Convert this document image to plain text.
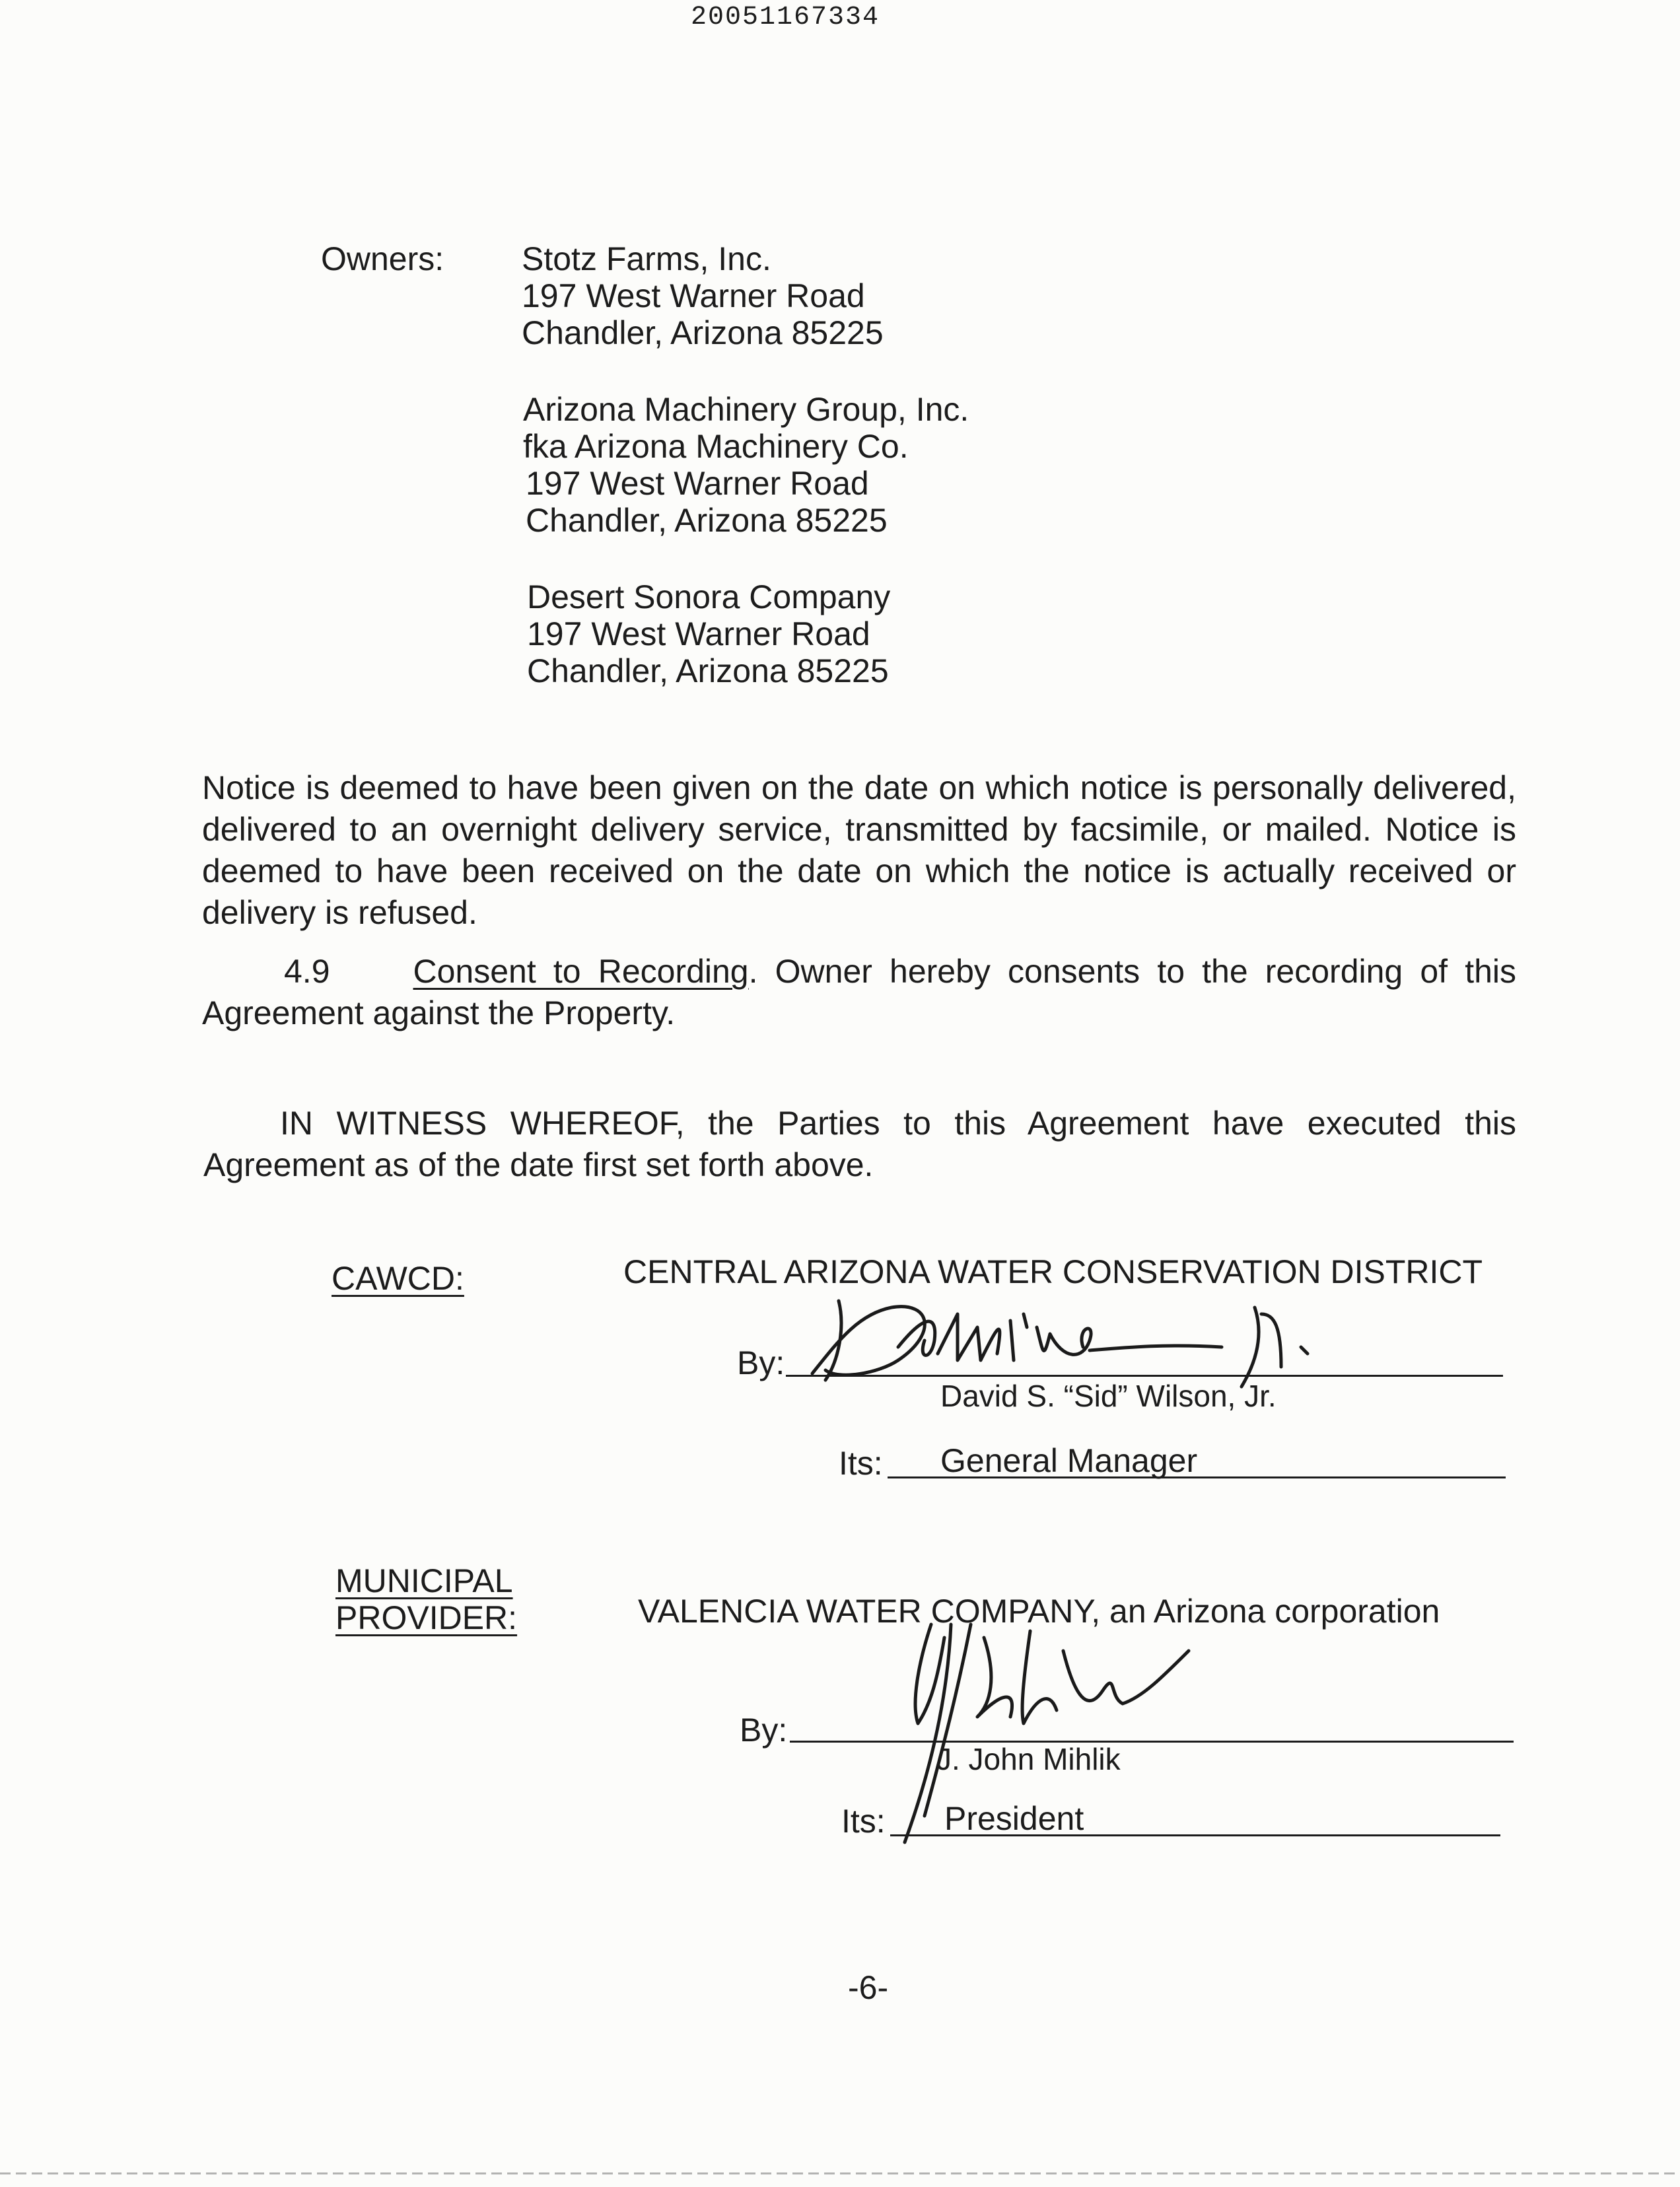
20051167334
Owners: Stotz Farms, Inc.
197 West Warner Road
Chandler, Arizona 85225
Arizona Machinery Group, Inc.
fka Arizona Machinery Co.
197 West Warner Road
Chandler, Arizona 85225
Desert Sonora Company
197 West Warner Road
Chandler, Arizona 85225
Notice is deemed to have been given on the date on which notice is personally delivered, delivered to an overnight delivery service, transmitted by facsimile, or mailed. Notice is deemed to have been received on the date on which the notice is actually received or delivery is refused.
4.9	Consent to Recording. Owner hereby consents to the recording of this Agreement against the Property.
IN WITNESS WHEREOF, the Parties to this Agreement have executed this Agreement as of the date first set forth above.
CAWCD:	CENTRAL ARIZONA WATER CONSERVATION DISTRICT
By:
David S. “Sid” Wilson, Jr.
Its: General Manager
MUNICIPAL
PROVIDER:	VALENCIA WATER COMPANY, an Arizona corporation
By:
J. John Mihlik
Its: President
-6-
